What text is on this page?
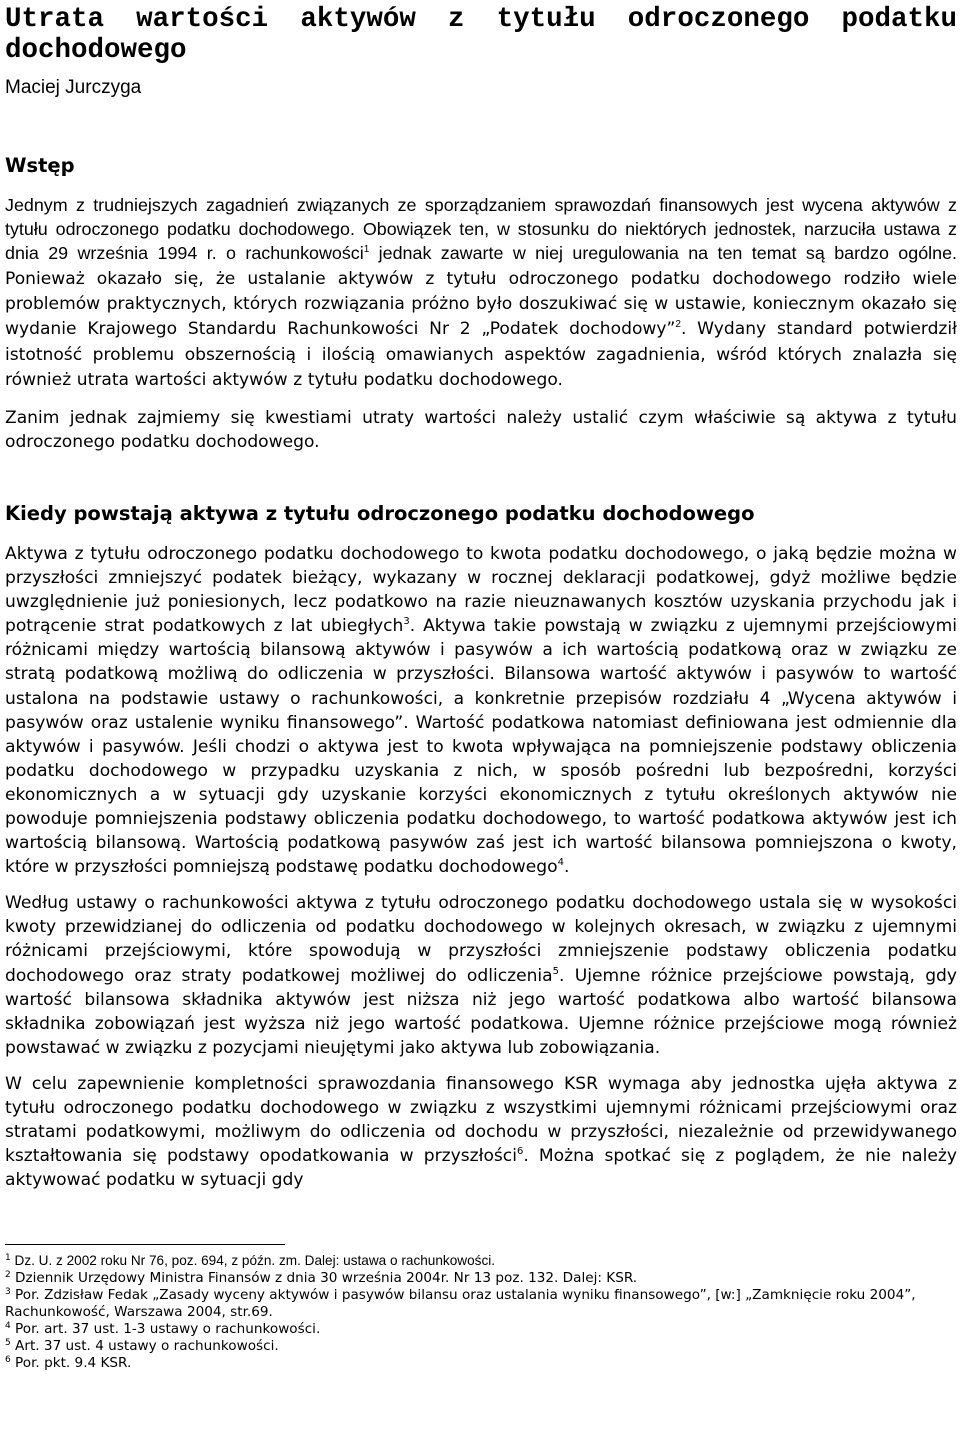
Utrata wartości aktywów z tytułu odroczonego podatku dochodowego
Maciej Jurczyga
Wstęp

Jednym z trudniejszych zagadnień związanych ze sporządzaniem sprawozdań finansowych jest wycena aktywów z tytułu odroczonego podatku dochodowego. Obowiązek ten, w stosunku do niektórych jednostek, narzuciła ustawa z dnia 29 września 1994 r. o rachunkowości$^1$ jednak zawarte w niej uregulowania na ten temat są bardzo ogólne. Ponieważ okazało się, że ustalanie aktywów z tytułu odroczonego podatku dochodowego rodziło wiele problemów praktycznych, których rozwiązania próżno było doszukiwać się w ustawie, koniecznym okazało się wydanie Krajowego Standardu Rachunkowości Nr 2 „Podatek dochodowy”$^2$. Wydany standard potwierdził istotność problemu obszernością i ilością omawianych aspektów zagadnienia, wśród których znalazła się również utrata wartości aktywów z tytułu podatku dochodowego.

Zanim jednak zajmiemy się kwestiami utraty wartości należy ustalić czym właściwie są aktywa z tytułu odroczonego podatku dochodowego.

Kiedy powstają aktywa z tytułu odroczonego podatku dochodowego

Aktywa z tytułu odroczonego podatku dochodowego to kwota podatku dochodowego, o jaką będzie można w przyszłości zmniejszyć podatek bieżący, wykazany w rocznej deklaracji podatkowej, gdyż możliwe będzie uwzględnienie już poniesionych, lecz podatkowo na razie nieuznawanych kosztów uzyskania przychodu jak i potrącenie strat podatkowych z lat ubiegłych$^3$. Aktywa takie powstają w związku z ujemnymi przejściowymi różnicami między wartością bilansową aktywów i pasywów a ich wartością podatkową oraz w związku ze stratą podatkową możliwą do odliczenia w przyszłości. Bilansowa wartość aktywów i pasywów to wartość ustalona na podstawie ustawy o rachunkowości, a konkretnie przepisów rozdziału 4 „Wycena aktywów i pasywów oraz ustalenie wyniku finansowego”. Wartość podatkowa natomiast definiowana jest odmiennie dla aktywów i pasywów. Jeśli chodzi o aktywa jest to kwota wpływająca na pomniejszenie podstawy obliczenia podatku dochodowego w przypadku uzyskania z nich, w sposób pośredni lub bezpośredni, korzyści ekonomicznych a w sytuacji gdy uzyskanie korzyści ekonomicznych z tytułu określonych aktywów nie powoduje pomniejszenia podstawy obliczenia podatku dochodowego, to wartość podatkowa aktywów jest ich wartością bilansową. Wartością podatkową pasywów zaś jest ich wartość bilansowa pomniejszona o kwoty, które w przyszłości pomniejszą podstawę podatku dochodowego$^4$.

Według ustawy o rachunkowości aktywa z tytułu odroczonego podatku dochodowego ustala się w wysokości kwoty przewidzianej do odliczenia od podatku dochodowego w kolejnych okresach, w związku z ujemnymi różnicami przejściowymi, które spowodują w przyszłości zmniejszenie podstawy obliczenia podatku dochodowego oraz straty podatkowej możliwej do odliczenia$^5$. Ujemne różnice przejściowe powstają, gdy wartość bilansowa składnika aktywów jest niższa niż jego wartość podatkowa albo wartość bilansowa składnika zobowiązań jest wyższa niż jego wartość podatkowa. Ujemne różnice przejściowe mogą również powstawać w związku z pozycjami nieujętymi jako aktywa lub zobowiązania.

W celu zapewnienie kompletności sprawozdania finansowego KSR wymaga aby jednostka ujęła aktywa z tytułu odroczonego podatku dochodowego w związku z wszystkimi ujemnymi różnicami przejściowymi oraz stratami podatkowymi, możliwym do odliczenia od dochodu w przyszłości, niezależnie od przewidywanego kształtowania się podstawy opodatkowania w przyszłości$^6$. Można spotkać się z poglądem, że nie należy aktywować podatku w sytuacji gdy

$^1$ Dz. U. z 2002 roku Nr 76, poz. 694, z późn. zm. Dalej: ustawa o rachunkowości.
$^2$ Dziennik Urzędowy Ministra Finansów z dnia 30 września 2004r. Nr 13 poz. 132. Dalej: KSR.
$^3$ Por. Zdzisław Fedak „Zasady wyceny aktywów i pasywów bilansu oraz ustalania wyniku finansowego”, [w:] „Zamknięcie roku 2004”, Rachunkowość, Warszawa 2004, str.69.
$^4$ Por. art. 37 ust. 1-3 ustawy o rachunkowości.
$^5$ Art. 37 ust. 4 ustawy o rachunkowości.
$^6$ Por. pkt. 9.4 KSR.
